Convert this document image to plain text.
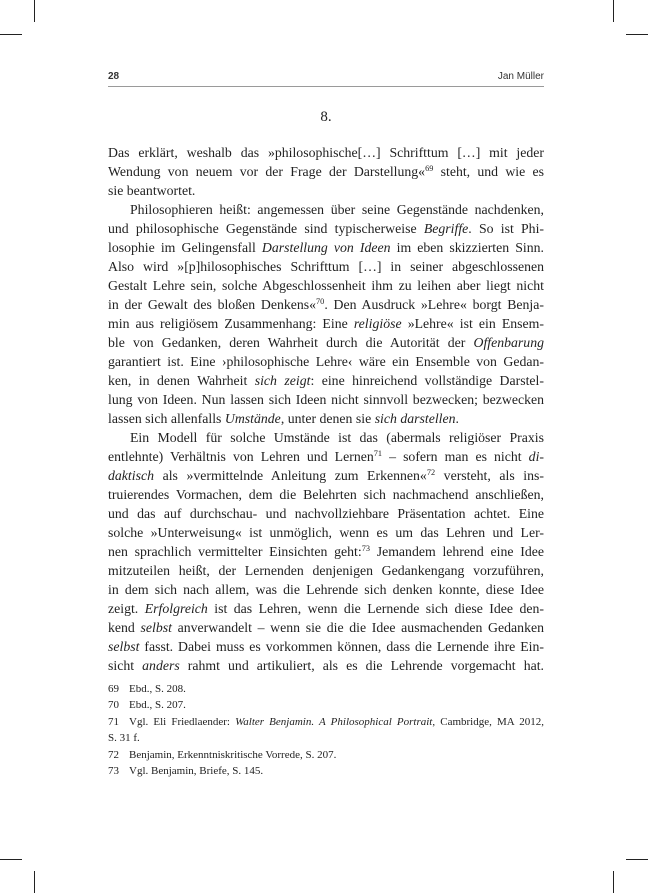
28	Jan Müller
8.
Das erklärt, weshalb das »philosophische[…] Schrifttum […] mit jeder
Wendung von neuem vor der Frage der Darstellung«$^{69}$ steht, und wie es
sie beantwortet.
Philosophieren heißt: angemessen über seine Gegenstände nachdenken,
und philosophische Gegenstände sind typischerweise Begriffe. So ist Phi-
losophie im Gelingensfall Darstellung von Ideen im eben skizzierten Sinn.
Also wird »[p]hilosophisches Schrifttum […] in seiner abgeschlossenen
Gestalt Lehre sein, solche Abgeschlossenheit ihm zu leihen aber liegt nicht
in der Gewalt des bloßen Denkens«$^{70}$. Den Ausdruck »Lehre« borgt Benja-
min aus religiösem Zusammenhang: Eine religiöse »Lehre« ist ein Ensem-
ble von Gedanken, deren Wahrheit durch die Autorität der Offenbarung
garantiert ist. Eine ›philosophische Lehre‹ wäre ein Ensemble von Gedan-
ken, in denen Wahrheit sich zeigt: eine hinreichend vollständige Darstel-
lung von Ideen. Nun lassen sich Ideen nicht sinnvoll bezwecken; bezwecken
lassen sich allenfalls Umstände, unter denen sie sich darstellen.
Ein Modell für solche Umstände ist das (abermals religiöser Praxis
entlehnte) Verhältnis von Lehren und Lernen$^{71}$ – sofern man es nicht di-
daktisch als »vermittelnde Anleitung zum Erkennen«$^{72}$ versteht, als ins-
truierendes Vormachen, dem die Belehrten sich nachmachend anschließen,
und das auf durchschau- und nachvollziehbare Präsentation achtet. Eine
solche »Unterweisung« ist unmöglich, wenn es um das Lehren und Ler-
nen sprachlich vermittelter Einsichten geht:$^{73}$ Jemandem lehrend eine Idee
mitzuteilen heißt, der Lernenden denjenigen Gedankengang vorzuführen,
in dem sich nach allem, was die Lehrende sich denken konnte, diese Idee
zeigt. Erfolgreich ist das Lehren, wenn die Lernende sich diese Idee den-
kend selbst anverwandelt – wenn sie die die Idee ausmachenden Gedanken
selbst fasst. Dabei muss es vorkommen können, dass die Lernende ihre Ein-
sicht anders rahmt und artikuliert, als es die Lehrende vorgemacht hat.
69 Ebd., S. 208.
70 Ebd., S. 207.
71 Vgl. Eli Friedlaender: Walter Benjamin. A Philosophical Portrait, Cambridge, MA 2012,
S. 31 f.
72 Benjamin, Erkenntniskritische Vorrede, S. 207.
73 Vgl. Benjamin, Briefe, S. 145.
